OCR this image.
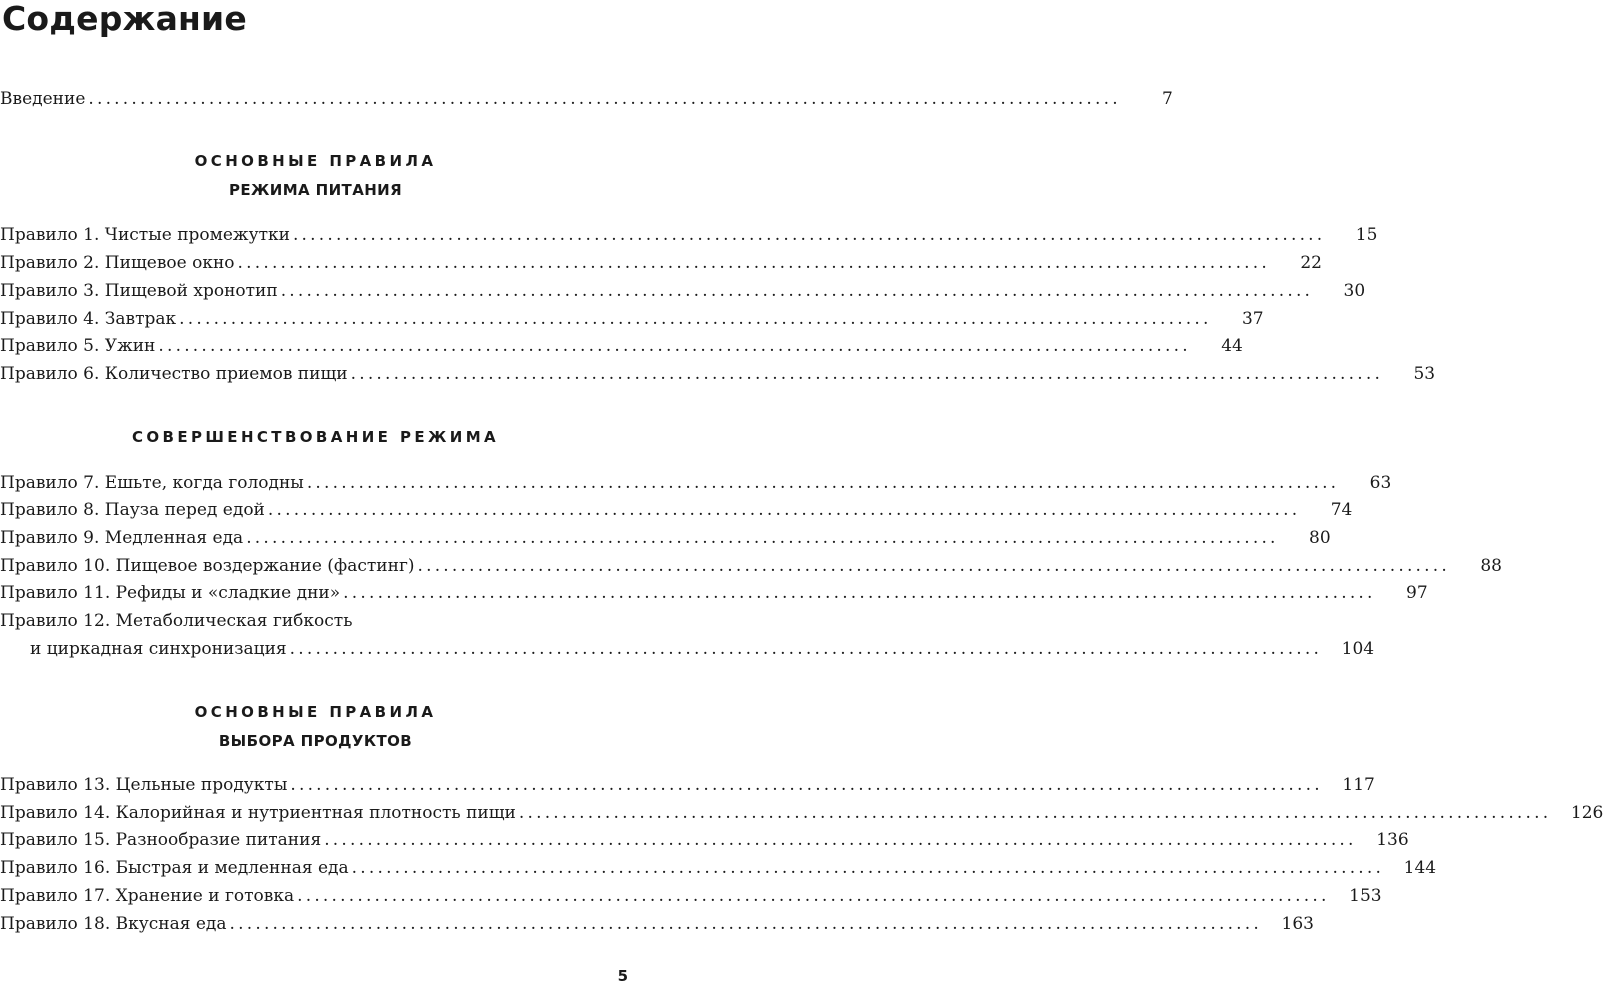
Содержание
Введение ........................................................................................................................	7
ОСНОВНЫЕ ПРАВИЛА
РЕЖИМА ПИТАНИЯ
Правило 1. Чистые промежутки ........................................................................................................................	15
Правило 2. Пищевое окно ........................................................................................................................	22
Правило 3. Пищевой хронотип ........................................................................................................................	30
Правило 4. Завтрак ........................................................................................................................	37
Правило 5. Ужин ........................................................................................................................	44
Правило 6. Количество приемов пищи ........................................................................................................................	53
СОВЕРШЕНСТВОВАНИЕ РЕЖИМА
Правило 7. Ешьте, когда голодны ........................................................................................................................	63
Правило 8. Пауза перед едой ........................................................................................................................	74
Правило 9. Медленная еда ........................................................................................................................	80
Правило 10. Пищевое воздержание (фастинг) ........................................................................................................................	88
Правило 11. Рефиды и «сладкие дни» ........................................................................................................................	97
Правило 12. Метаболическая гибкость
и циркадная синхронизация ........................................................................................................................	104
ОСНОВНЫЕ ПРАВИЛА
ВЫБОРА ПРОДУКТОВ
Правило 13. Цельные продукты ........................................................................................................................	117
Правило 14. Калорийная и нутриентная плотность пищи ........................................................................................................................	126
Правило 15. Разнообразие питания ........................................................................................................................	136
Правило 16. Быстрая и медленная еда ........................................................................................................................	144
Правило 17. Хранение и готовка ........................................................................................................................	153
Правило 18. Вкусная еда ........................................................................................................................	163
5
